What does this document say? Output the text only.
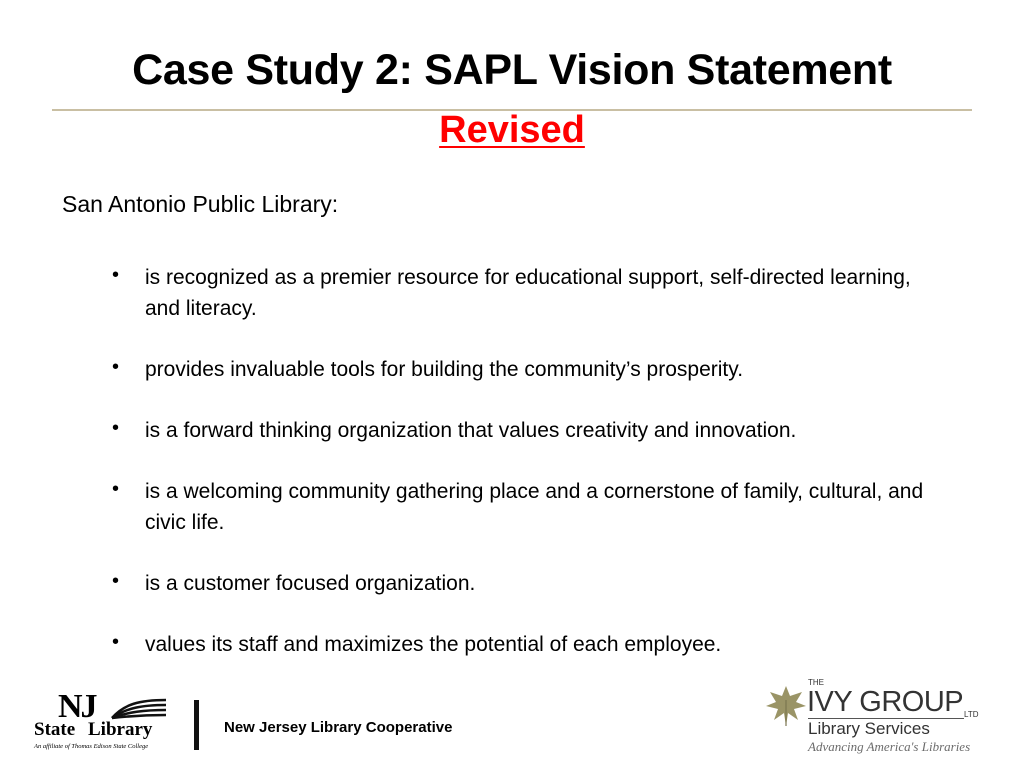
Case Study 2: SAPL Vision Statement
Revised
San Antonio Public Library:
• is recognized as a premier resource for educational support, self-directed learning, and literacy.
• provides invaluable tools for building the community’s prosperity.
• is a forward thinking organization that values creativity and innovation.
• is a welcoming community gathering place and a cornerstone of family, cultural, and civic life.
• is a customer focused organization.
• values its staff and maximizes the potential of each employee.
NJ
State Library
An affiliate of Thomas Edison State College
New Jersey Library Cooperative
THE
IVY GROUP LTD
Library Services
Advancing America's Libraries
